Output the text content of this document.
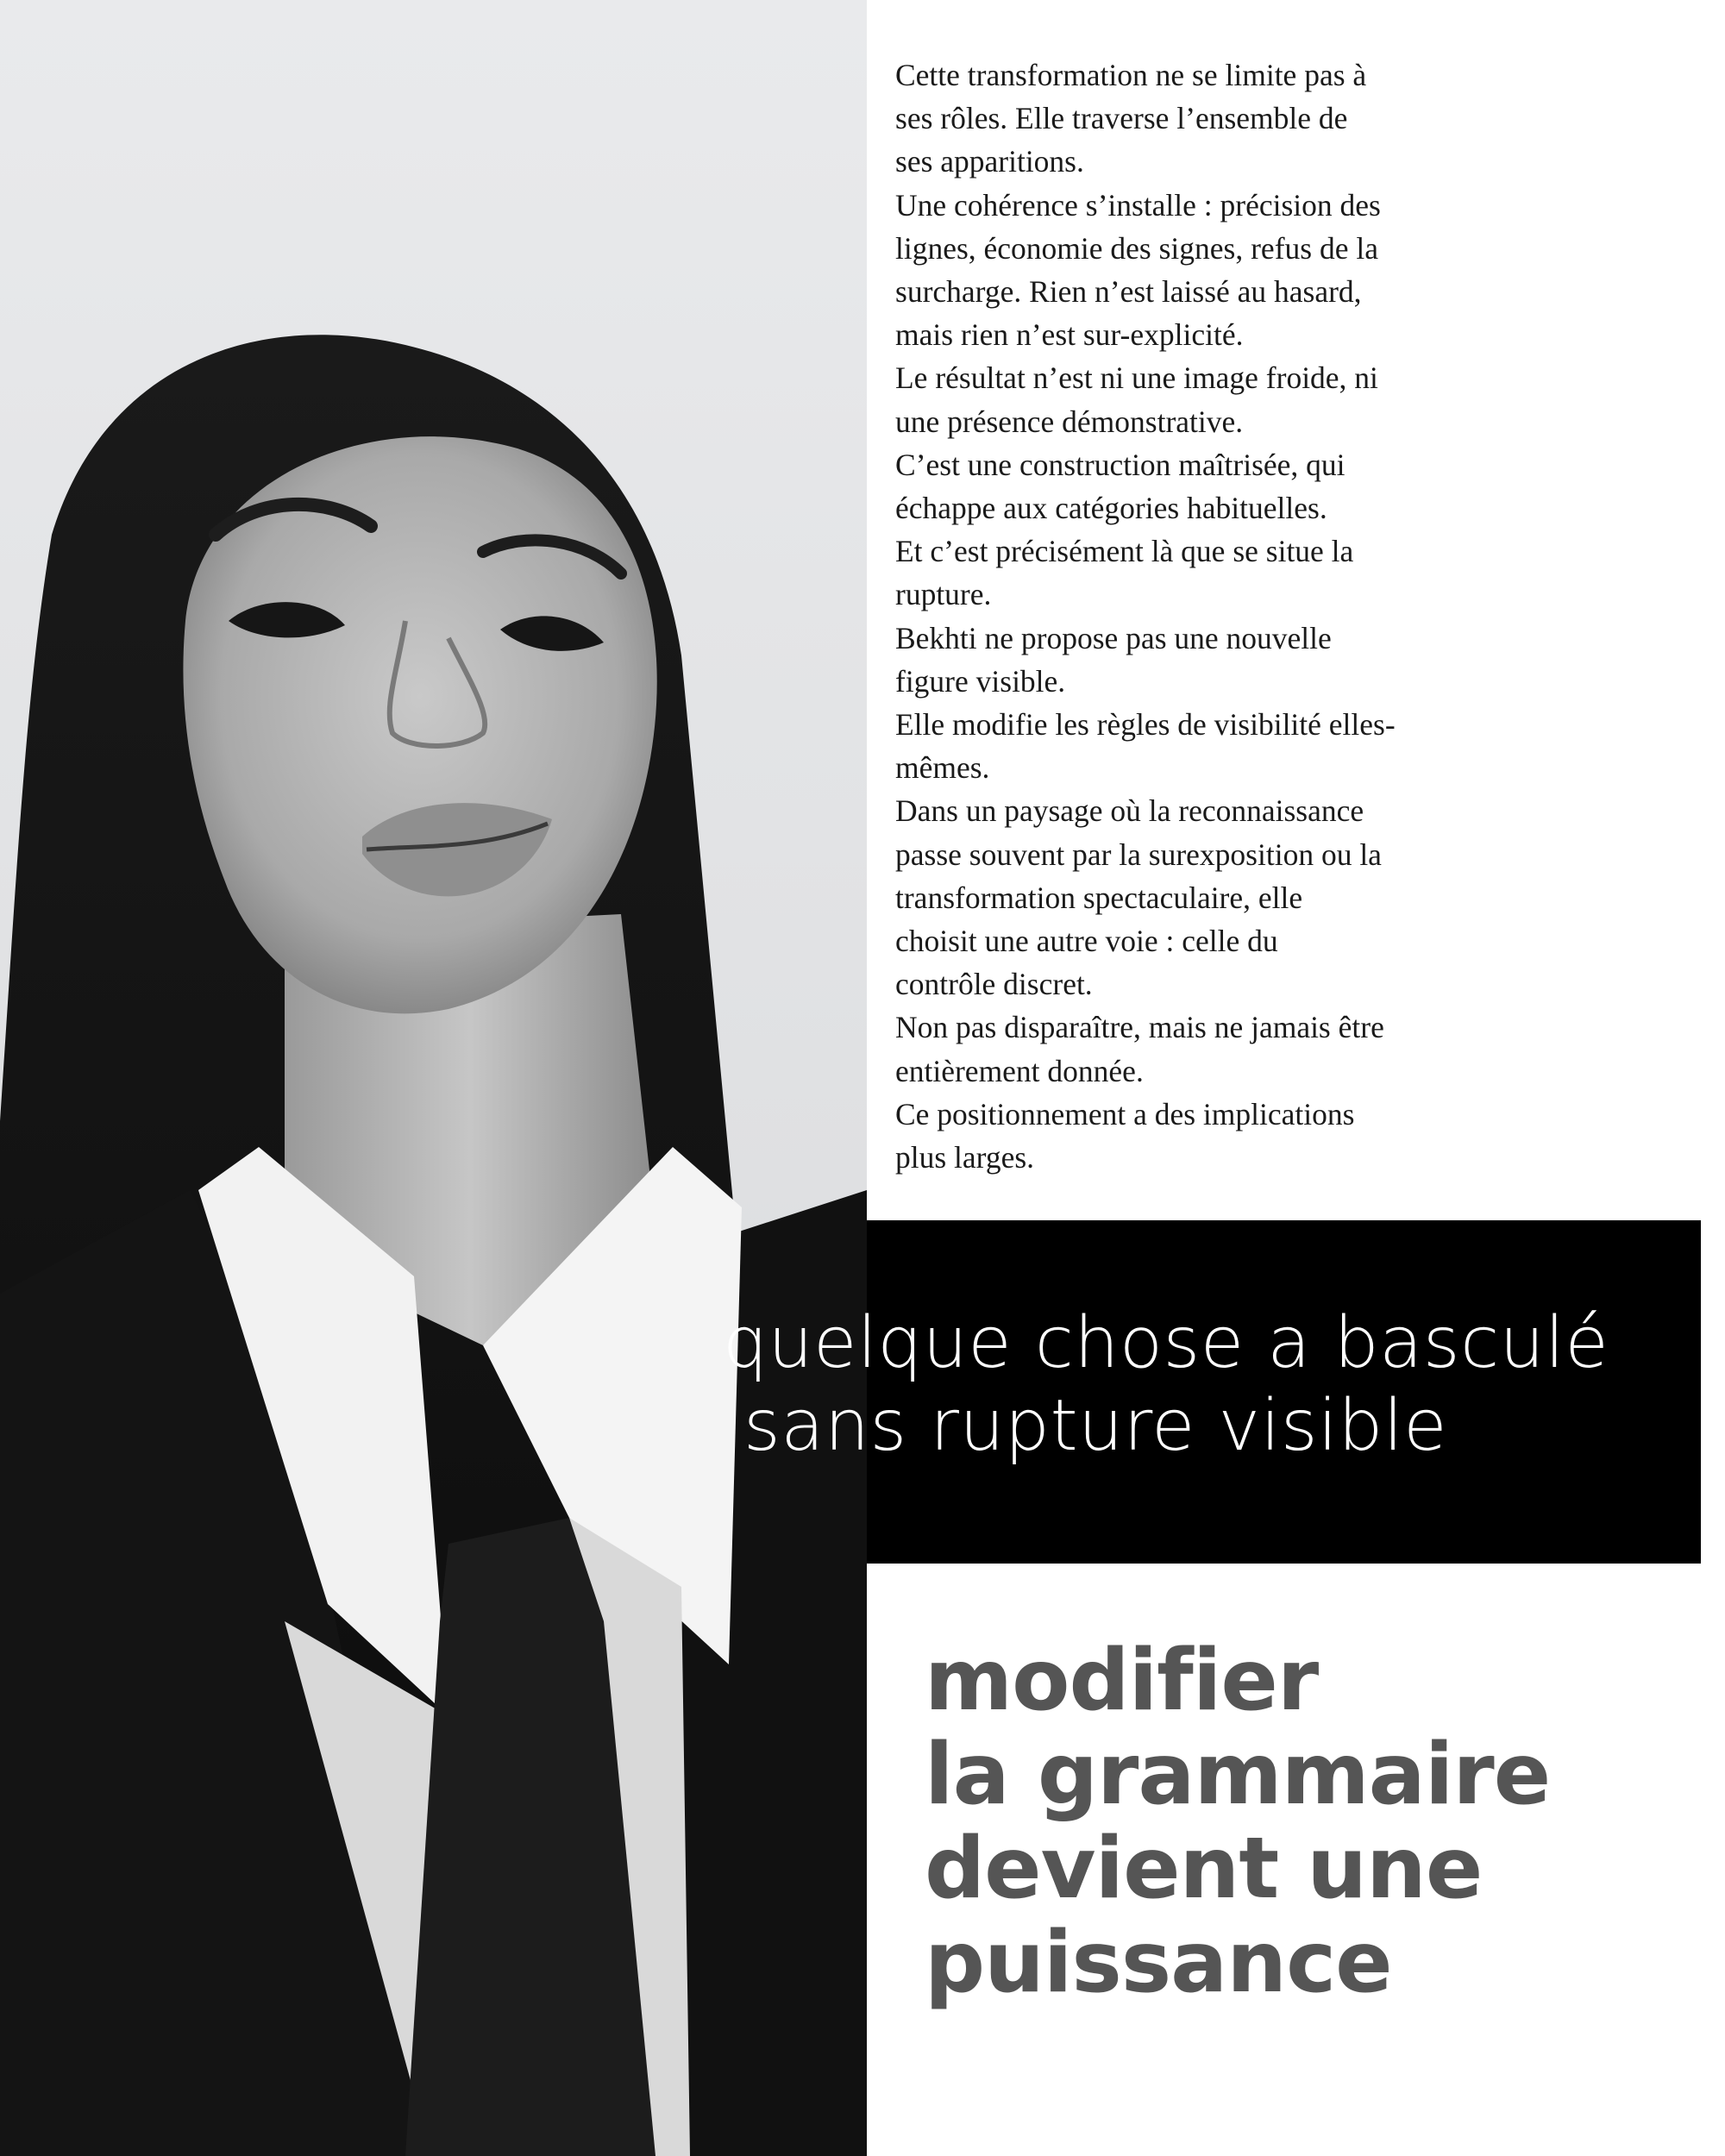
Cette transformation ne se limite pas à
ses rôles. Elle traverse l’ensemble de
ses apparitions.
Une cohérence s’installe : précision des
lignes, économie des signes, refus de la
surcharge. Rien n’est laissé au hasard,
mais rien n’est sur-explicité.
Le résultat n’est ni une image froide, ni
une présence démonstrative.
C’est une construction maîtrisée, qui
échappe aux catégories habituelles.
Et c’est précisément là que se situe la
rupture.
Bekhti ne propose pas une nouvelle
figure visible.
Elle modifie les règles de visibilité elles-
mêmes.
Dans un paysage où la reconnaissance
passe souvent par la surexposition ou la
transformation spectaculaire, elle
choisit une autre voie : celle du
contrôle discret.
Non pas disparaître, mais ne jamais être
entièrement donnée.
Ce positionnement a des implications
plus larges.
quelque chose a basculé
sans rupture visible
modifier
la grammaire
devient une
puissance
